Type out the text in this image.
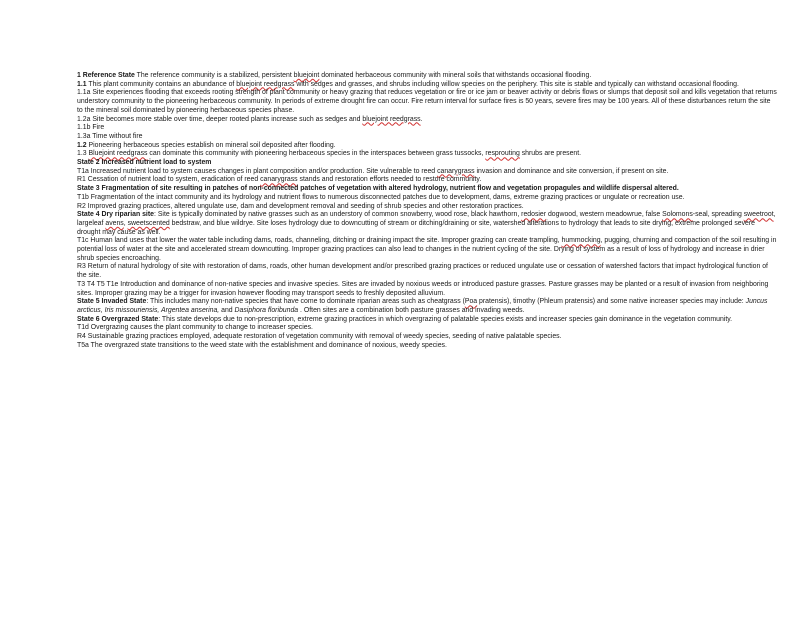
1 Reference State The reference community is a stabilized, persistent bluejoint dominated herbaceous community with mineral soils that withstands occasional flooding.

1.1 This plant community contains an abundance of bluejoint reedgrass with sedges and grasses, and shrubs including willow species on the periphery. This site is stable and typically can withstand occasional flooding.

1.1a Site experiences flooding that exceeds rooting strength of plant community or heavy grazing that reduces vegetation or fire or ice jam or beaver activity or debris flows or slumps that deposit soil and kills vegetation that returns understory community to the pioneering herbaceous community. In periods of extreme drought fire can occur. Fire return interval for surface fires is 50 years, severe fires may be 100 years. All of these disturbances return the site to the mineral soil dominated by pioneering herbaceous species phase.

1.2a Site becomes more stable over time, deeper rooted plants increase such as sedges and bluejoint reedgrass.

1.1b Fire

1.3a Time without fire

1.2 Pioneering herbaceous species establish on mineral soil deposited after flooding.

1.3 Bluejoint reedgrass can dominate this community with pioneering herbaceous species in the interspaces between grass tussocks, resprouting shrubs are present.

State 2 Increased nutrient load to system

T1a Increased nutrient load to system causes changes in plant composition and/or production. Site vulnerable to reed canarygrass invasion and dominance and site conversion, if present on site.

R1 Cessation of nutrient load to system, eradication of reed canarygrass stands and restoration efforts needed to restore community.

State 3 Fragmentation of site resulting in patches of non-connected patches of vegetation with altered hydrology, nutrient flow and vegetation propagules and wildlife dispersal altered.

T1b Fragmentation of the intact community and its hydrology and nutrient flows to numerous disconnected patches due to development, dams, extreme grazing practices or ungulate or recreation use.

R2 Improved grazing practices, altered ungulate use, dam and development removal and seeding of shrub species and other restoration practices.

State 4 Dry riparian site: Site is typically dominated by native grasses such as an understory of common snowberry, wood rose, black hawthorn, redosier dogwood, western meadowrue, false Solomons-seal, spreading sweetroot, largeleaf avens, sweetscented bedstraw, and blue wildrye. Site loses hydrology due to downcutting of stream or ditching/draining or site, watershed alterations to hydrology that leads to site drying, extreme prolonged severe drought may cause as well.

T1c Human land uses that lower the water table including dams, roads, channeling, ditching or draining impact the site. Improper grazing can create trampling, hummocking, pugging, churning and compaction of the soil resulting in potential loss of water at the site and accelerated stream downcutting. Improper grazing practices can also lead to changes in the nutrient cycling of the site. Drying of system as a result of loss of hydrology and increase in drier shrub species encroaching.

R3 Return of natural hydrology of site with restoration of dams, roads, other human development and/or prescribed grazing practices or reduced ungulate use or cessation of watershed factors that impact hydrological function of the site.

T3 T4 T5 T1e Introduction and dominance of non-native species and invasive species. Sites are invaded by noxious weeds or introduced pasture grasses. Pasture grasses may be planted or a result of invasion from neighboring sites. Improper grazing may be a trigger for invasion however flooding may transport seeds to freshly deposited alluvium.

State 5 Invaded State: This includes many non-native species that have come to dominate riparian areas such as cheatgrass (Poa pratensis), timothy (Phleum pratensis) and some native increaser species may include: Juncus arcticus, Iris missouriensis, Argentea anserina, and Dasiphora floribunda . Often sites are a combination both pasture grasses and invading weeds.

State 6 Overgrazed State: This state develops due to non-prescription, extreme grazing practices in which overgrazing of palatable species exists and increaser species gain dominance in the vegetation community.

T1d Overgrazing causes the plant community to change to increaser species.

R4 Sustainable grazing practices employed, adequate restoration of vegetation community with removal of weedy species, seeding of native palatable species.

T5a The overgrazed state transitions to the weed state with the establishment and dominance of noxious, weedy species.
